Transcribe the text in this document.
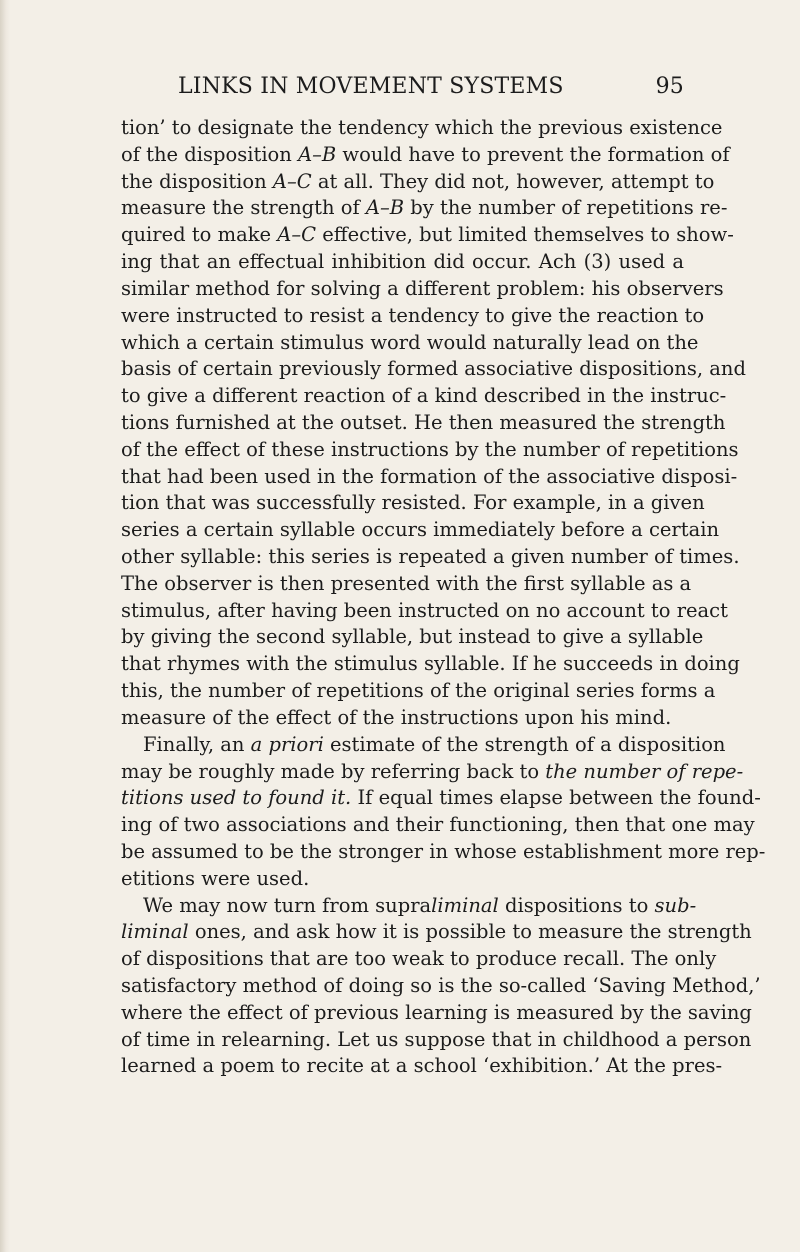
LINKS IN MOVEMENT SYSTEMS	95
tion’ to designate the tendency which the previous existence
of the disposition A–B would have to prevent the formation of
the disposition A–C at all. They did not, however, attempt to
measure the strength of A–B by the number of repetitions re-
quired to make A–C effective, but limited themselves to show-
ing that an effectual inhibition did occur. Ach (3) used a
similar method for solving a different problem: his observers
were instructed to resist a tendency to give the reaction to
which a certain stimulus word would naturally lead on the
basis of certain previously formed associative dispositions, and
to give a different reaction of a kind described in the instruc-
tions furnished at the outset. He then measured the strength
of the effect of these instructions by the number of repetitions
that had been used in the formation of the associative disposi-
tion that was successfully resisted. For example, in a given
series a certain syllable occurs immediately before a certain
other syllable: this series is repeated a given number of times.
The observer is then presented with the first syllable as a
stimulus, after having been instructed on no account to react
by giving the second syllable, but instead to give a syllable
that rhymes with the stimulus syllable. If he succeeds in doing
this, the number of repetitions of the original series forms a
measure of the effect of the instructions upon his mind.
Finally, an a priori estimate of the strength of a disposition
may be roughly made by referring back to the number of repe-
titions used to found it. If equal times elapse between the found-
ing of two associations and their functioning, then that one may
be assumed to be the stronger in whose establishment more rep-
etitions were used.
We may now turn from supraliminal dispositions to sub-
liminal ones, and ask how it is possible to measure the strength
of dispositions that are too weak to produce recall. The only
satisfactory method of doing so is the so-called ‘Saving Method,’
where the effect of previous learning is measured by the saving
of time in relearning. Let us suppose that in childhood a person
learned a poem to recite at a school ‘exhibition.’ At the pres-
